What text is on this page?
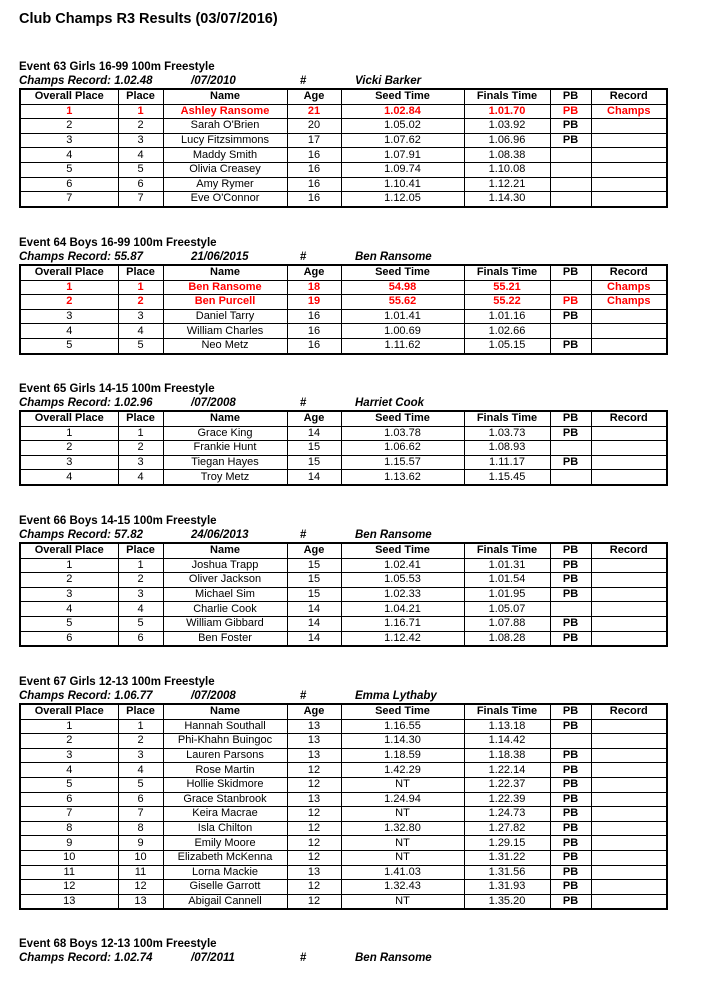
Club Champs R3 Results (03/07/2016)
Event 63 Girls 16-99 100m Freestyle
Champs Record: 1.02.48	/07/2010	#	Vicki Barker
Overall Place	Place	Name	Age	Seed Time	Finals Time	PB	Record
1	1	Ashley Ransome	21	1.02.84	1.01.70	PB	Champs
2	2	Sarah O'Brien	20	1.05.02	1.03.92	PB	
3	3	Lucy Fitzsimmons	17	1.07.62	1.06.96	PB	
4	4	Maddy Smith	16	1.07.91	1.08.38		
5	5	Olivia Creasey	16	1.09.74	1.10.08		
6	6	Amy Rymer	16	1.10.41	1.12.21		
7	7	Eve O'Connor	16	1.12.05	1.14.30		
Event 64 Boys 16-99 100m Freestyle
Champs Record: 55.87	21/06/2015	#	Ben Ransome
Overall Place	Place	Name	Age	Seed Time	Finals Time	PB	Record
1	1	Ben Ransome	18	54.98	55.21		Champs
2	2	Ben Purcell	19	55.62	55.22	PB	Champs
3	3	Daniel Tarry	16	1.01.41	1.01.16	PB	
4	4	William Charles	16	1.00.69	1.02.66		
5	5	Neo Metz	16	1.11.62	1.05.15	PB	
Event 65 Girls 14-15 100m Freestyle
Champs Record: 1.02.96	/07/2008	#	Harriet Cook
Overall Place	Place	Name	Age	Seed Time	Finals Time	PB	Record
1	1	Grace King	14	1.03.78	1.03.73	PB	
2	2	Frankie Hunt	15	1.06.62	1.08.93		
3	3	Tiegan Hayes	15	1.15.57	1.11.17	PB	
4	4	Troy Metz	14	1.13.62	1.15.45		
Event 66 Boys 14-15 100m Freestyle
Champs Record: 57.82	24/06/2013	#	Ben Ransome
Overall Place	Place	Name	Age	Seed Time	Finals Time	PB	Record
1	1	Joshua Trapp	15	1.02.41	1.01.31	PB	
2	2	Oliver Jackson	15	1.05.53	1.01.54	PB	
3	3	Michael Sim	15	1.02.33	1.01.95	PB	
4	4	Charlie Cook	14	1.04.21	1.05.07		
5	5	William Gibbard	14	1.16.71	1.07.88	PB	
6	6	Ben Foster	14	1.12.42	1.08.28	PB	
Event 67 Girls 12-13 100m Freestyle
Champs Record: 1.06.77	/07/2008	#	Emma Lythaby
Overall Place	Place	Name	Age	Seed Time	Finals Time	PB	Record
1	1	Hannah Southall	13	1.16.55	1.13.18	PB	
2	2	Phi-Khahn Buingoc	13	1.14.30	1.14.42		
3	3	Lauren Parsons	13	1.18.59	1.18.38	PB	
4	4	Rose Martin	12	1.42.29	1.22.14	PB	
5	5	Hollie Skidmore	12	NT	1.22.37	PB	
6	6	Grace Stanbrook	13	1.24.94	1.22.39	PB	
7	7	Keira Macrae	12	NT	1.24.73	PB	
8	8	Isla Chilton	12	1.32.80	1.27.82	PB	
9	9	Emily Moore	12	NT	1.29.15	PB	
10	10	Elizabeth McKenna	12	NT	1.31.22	PB	
11	11	Lorna Mackie	13	1.41.03	1.31.56	PB	
12	12	Giselle Garrott	12	1.32.43	1.31.93	PB	
13	13	Abigail Cannell	12	NT	1.35.20	PB	
Event 68 Boys 12-13 100m Freestyle
Champs Record: 1.02.74	/07/2011	#	Ben Ransome
